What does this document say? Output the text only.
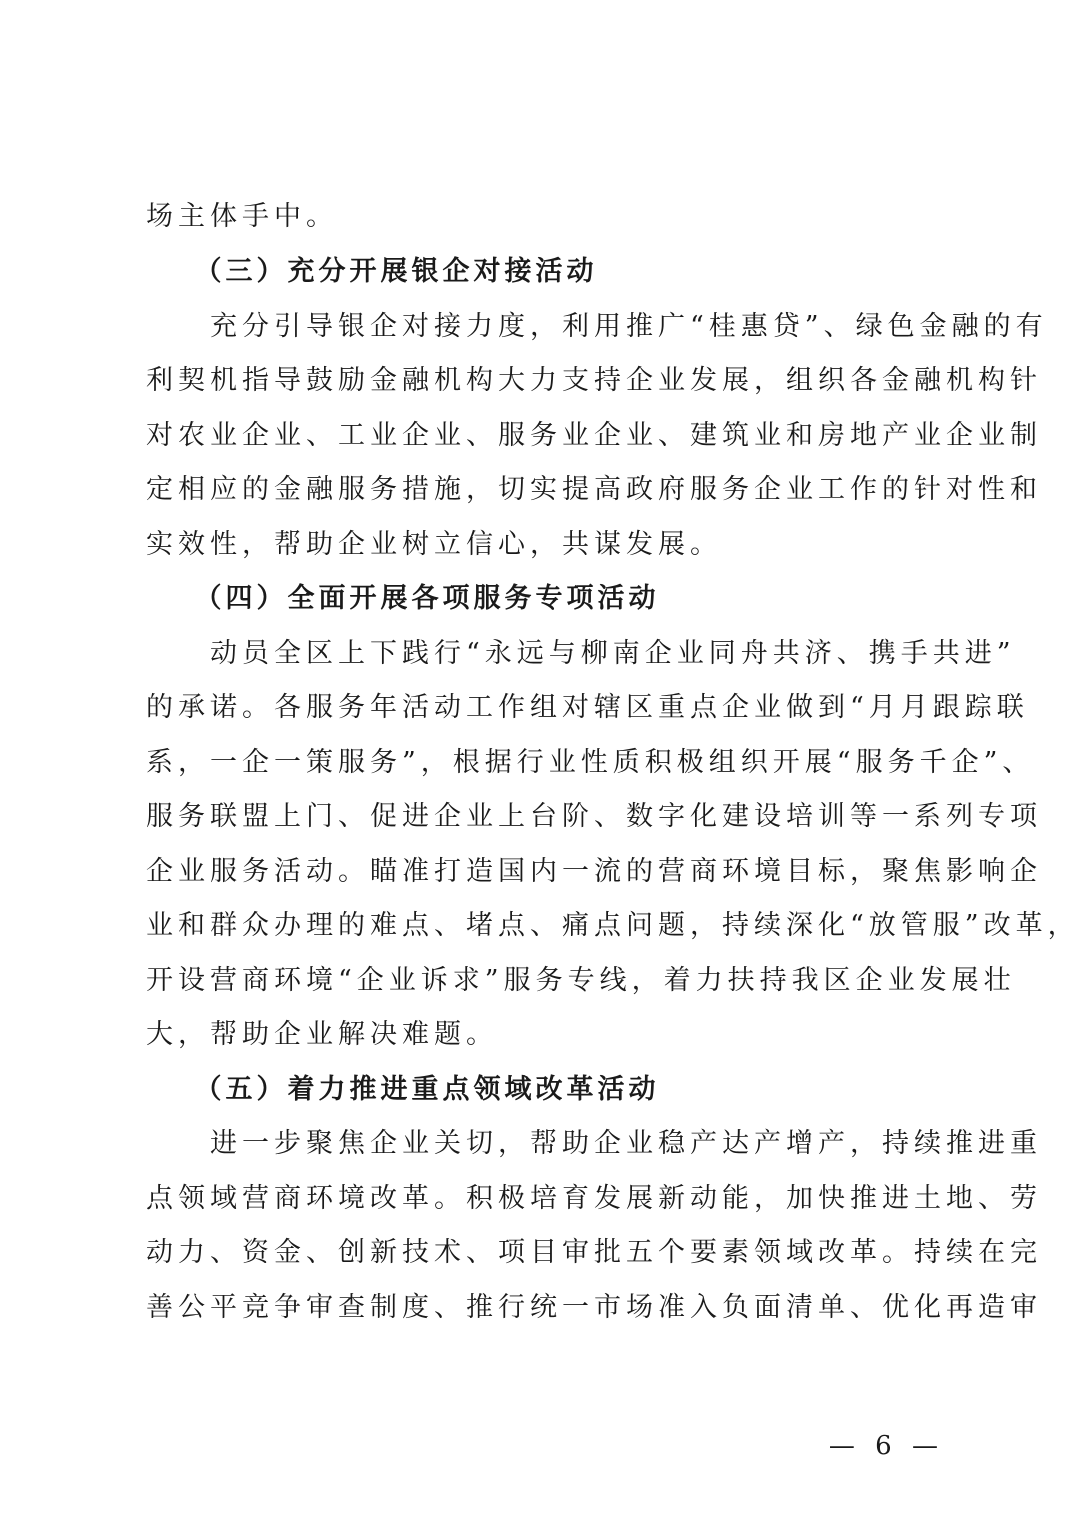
场主体手中。
　　（三）充分开展银企对接活动
　　充分引导银企对接力度，利用推广“桂惠贷”、绿色金融的有
利契机指导鼓励金融机构大力支持企业发展，组织各金融机构针
对农业企业、工业企业、服务业企业、建筑业和房地产业企业制
定相应的金融服务措施，切实提高政府服务企业工作的针对性和
实效性，帮助企业树立信心，共谋发展。
　　（四）全面开展各项服务专项活动
　　动员全区上下践行“永远与柳南企业同舟共济、携手共进”
的承诺。各服务年活动工作组对辖区重点企业做到“月月跟踪联
系，一企一策服务”，根据行业性质积极组织开展“服务千企”、
服务联盟上门、促进企业上台阶、数字化建设培训等一系列专项
企业服务活动。瞄准打造国内一流的营商环境目标，聚焦影响企
业和群众办理的难点、堵点、痛点问题，持续深化“放管服”改革，
开设营商环境“企业诉求”服务专线，着力扶持我区企业发展壮
大，帮助企业解决难题。
　　（五）着力推进重点领域改革活动
　　进一步聚焦企业关切，帮助企业稳产达产增产，持续推进重
点领域营商环境改革。积极培育发展新动能，加快推进土地、劳
动力、资金、创新技术、项目审批五个要素领域改革。持续在完
善公平竞争审查制度、推行统一市场准入负面清单、优化再造审
— 6 —
